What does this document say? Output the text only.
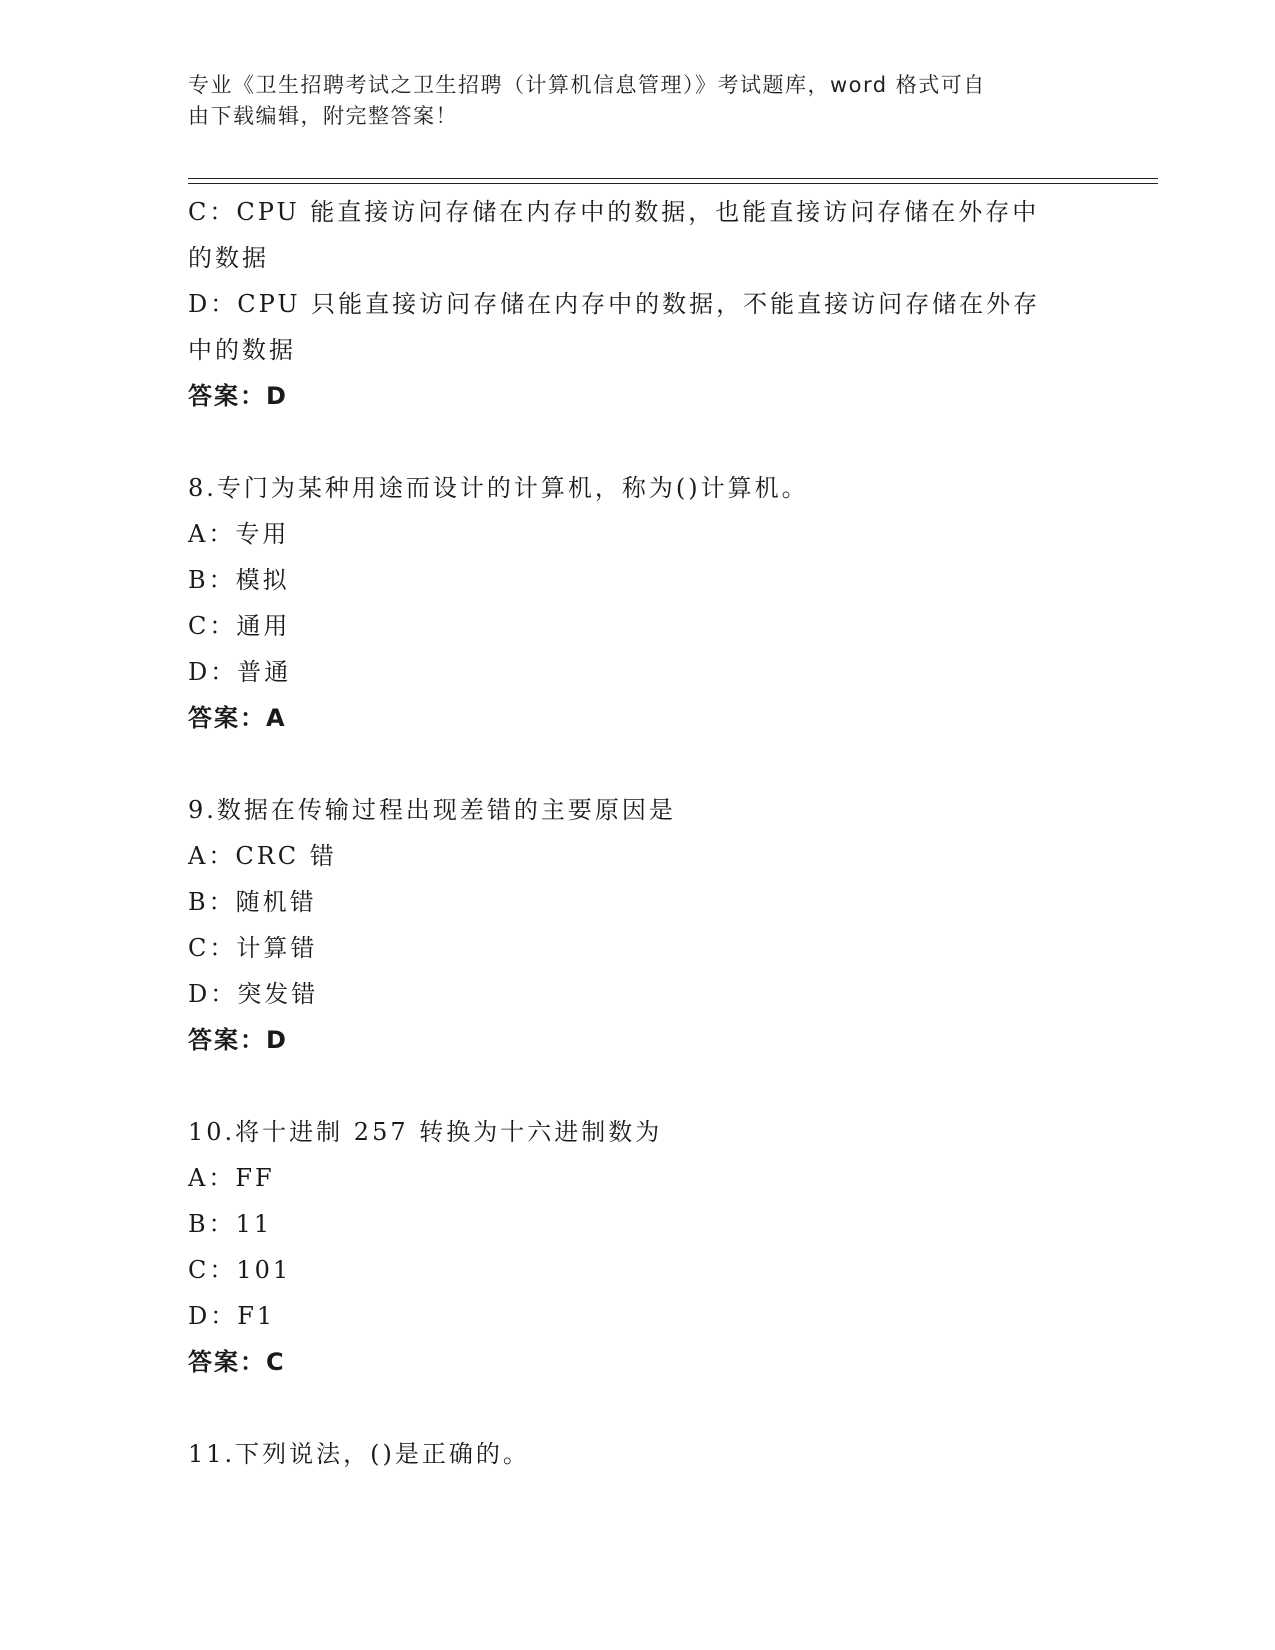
专业《卫生招聘考试之卫生招聘（计算机信息管理）》考试题库，word 格式可自
由下载编辑，附完整答案！
C：CPU 能直接访问存储在内存中的数据，也能直接访问存储在外存中
的数据
D：CPU 只能直接访问存储在内存中的数据，不能直接访问存储在外存
中的数据
答案：D
8.专门为某种用途而设计的计算机，称为()计算机。
A：专用
B：模拟
C：通用
D：普通
答案：A
9.数据在传输过程出现差错的主要原因是
A：CRC 错
B：随机错
C：计算错
D：突发错
答案：D
10.将十进制 257 转换为十六进制数为
A：FF
B：11
C：101
D：F1
答案：C
11.下列说法，()是正确的。
